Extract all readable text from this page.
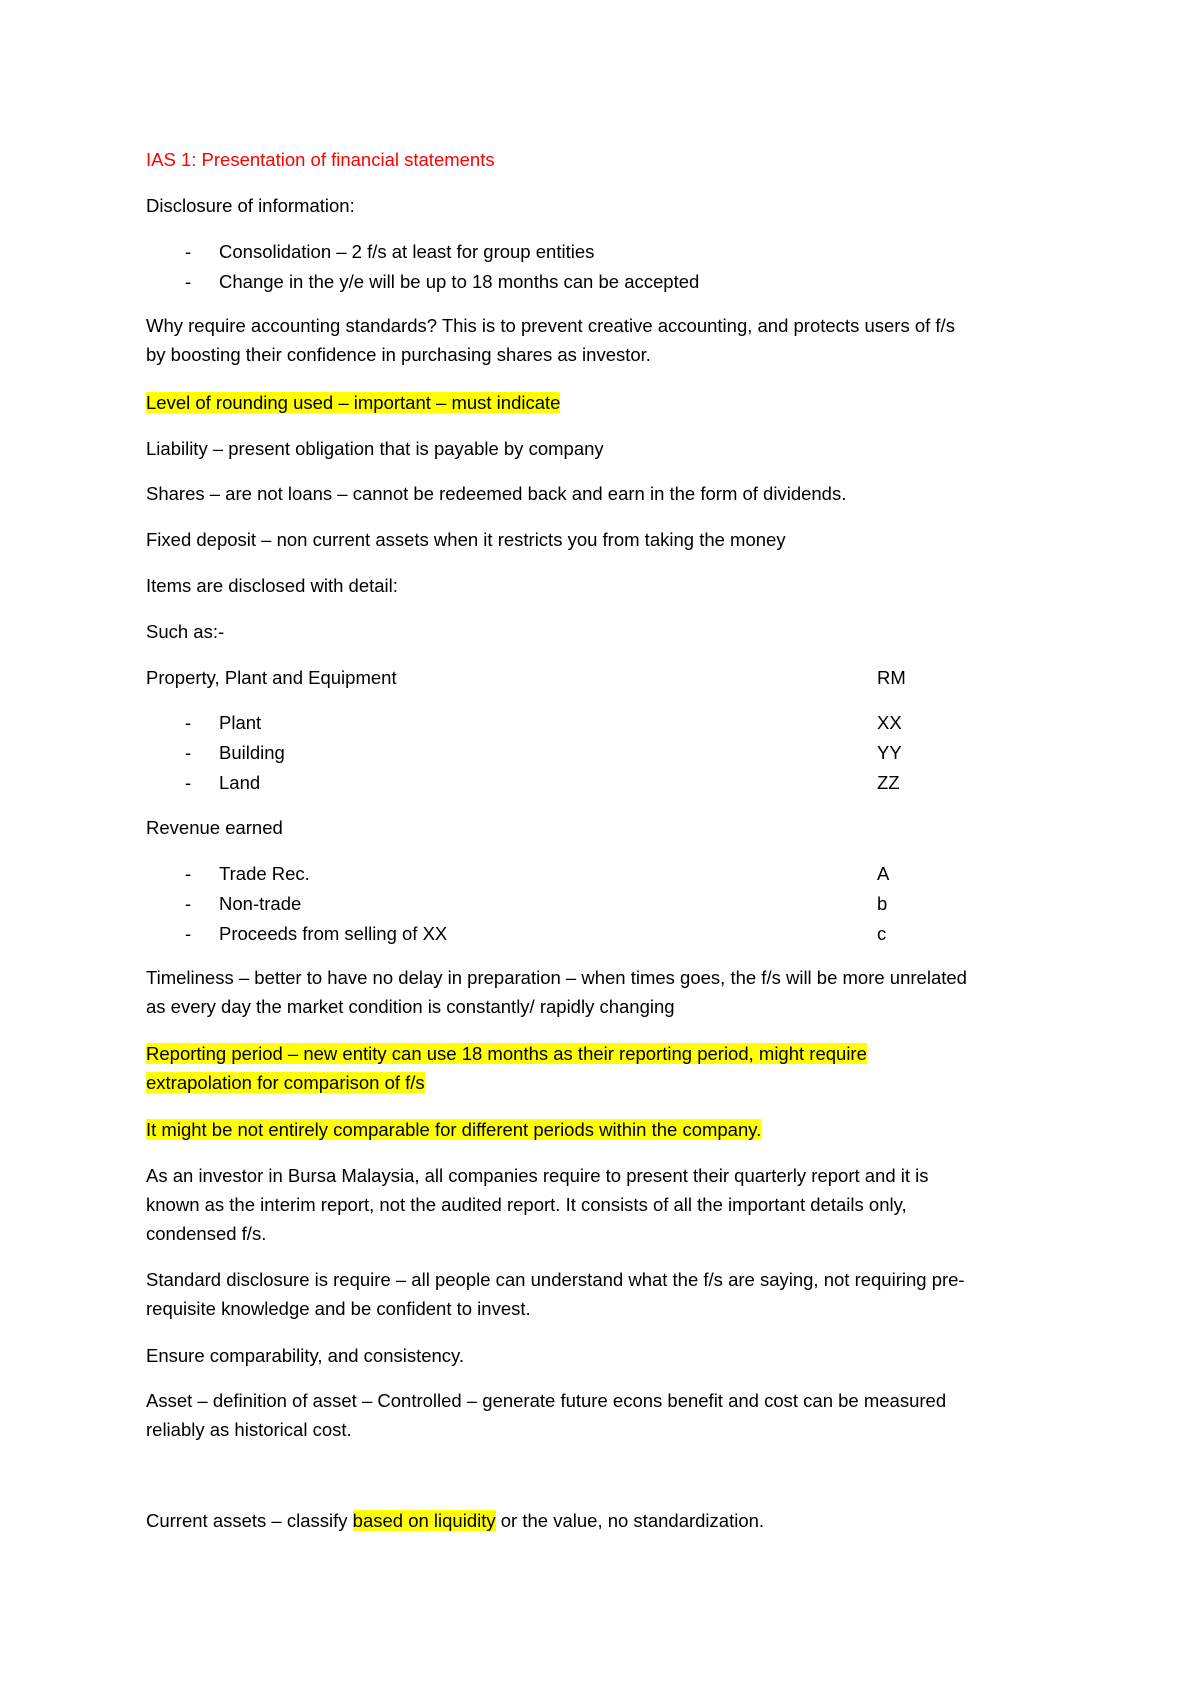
IAS 1: Presentation of financial statements
Disclosure of information:
- Consolidation – 2 f/s at least for group entities
- Change in the y/e will be up to 18 months can be accepted
Why require accounting standards? This is to prevent creative accounting, and protects users of f/s
by boosting their confidence in purchasing shares as investor.
Level of rounding used – important – must indicate
Liability – present obligation that is payable by company
Shares – are not loans – cannot be redeemed back and earn in the form of dividends.
Fixed deposit – non current assets when it restricts you from taking the money
Items are disclosed with detail:
Such as:-
Property, Plant and Equipment	RM
- Plant	XX
- Building	YY
- Land	ZZ
Revenue earned
- Trade Rec.	A
- Non-trade	b
- Proceeds from selling of XX	c
Timeliness – better to have no delay in preparation – when times goes, the f/s will be more unrelated
as every day the market condition is constantly/ rapidly changing
Reporting period – new entity can use 18 months as their reporting period, might require
extrapolation for comparison of f/s
It might be not entirely comparable for different periods within the company.
As an investor in Bursa Malaysia, all companies require to present their quarterly report and it is
known as the interim report, not the audited report. It consists of all the important details only,
condensed f/s.
Standard disclosure is require – all people can understand what the f/s are saying, not requiring pre-
requisite knowledge and be confident to invest.
Ensure comparability, and consistency.
Asset – definition of asset – Controlled – generate future econs benefit and cost can be measured
reliably as historical cost.
Current assets – classify based on liquidity or the value, no standardization.
